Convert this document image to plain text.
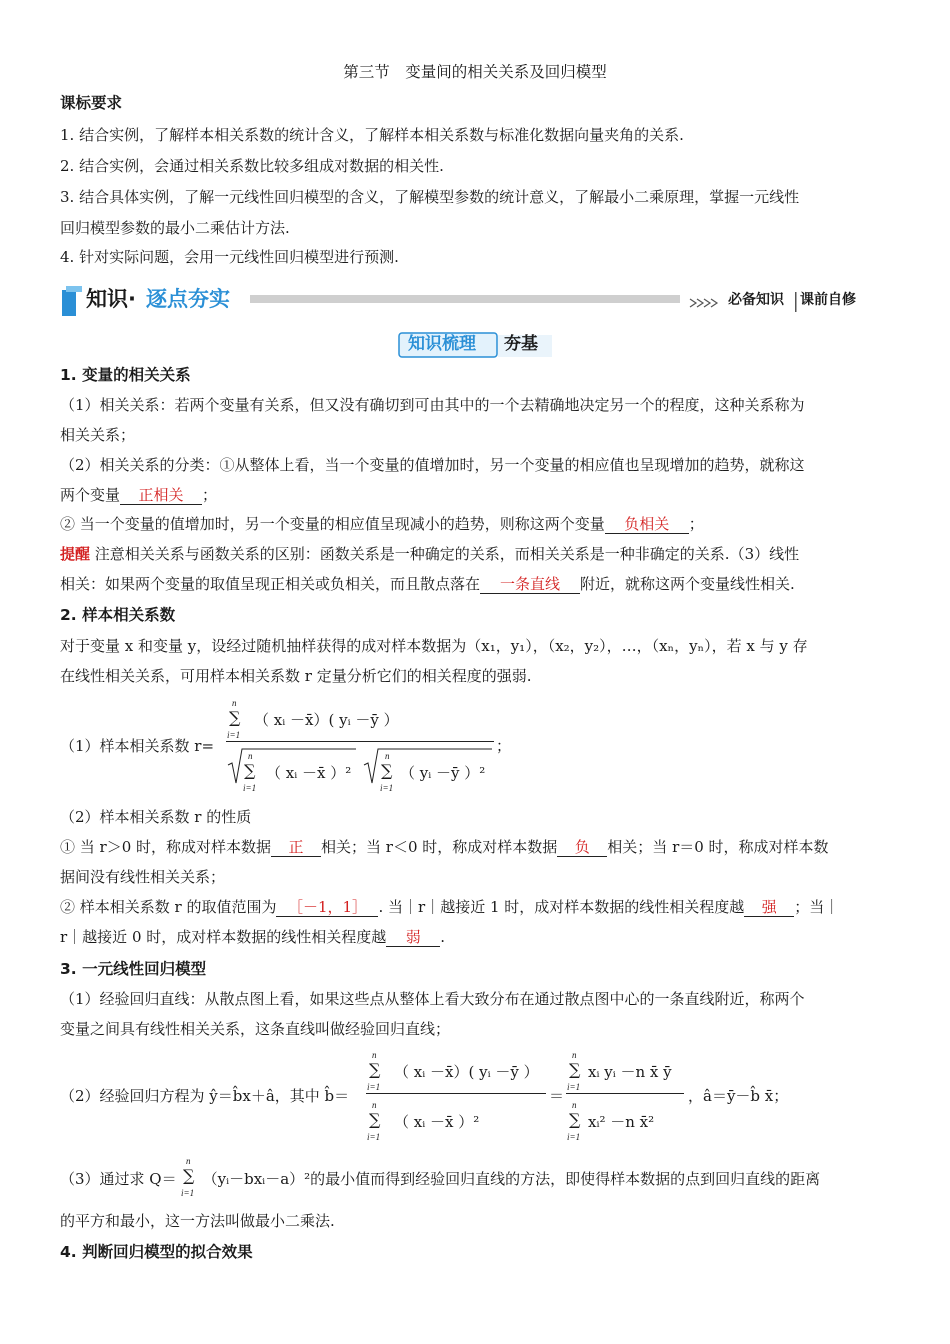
第三节　变量间的相关关系及回归模型
课标要求
1. 结合实例，了解样本相关系数的统计含义，了解样本相关系数与标准化数据向量夹角的关系.
2. 结合实例，会通过相关系数比较多组成对数据的相关性.
3. 结合具体实例，了解一元线性回归模型的含义，了解模型参数的统计意义，了解最小二乘原理，掌握一元线性
回归模型参数的最小二乘估计方法.
4. 针对实际问题，会用一元线性回归模型进行预测.
知识· 逐点夯实	必备知识 课前自修
知识梳理 夯基
1. 变量的相关关系
（1）相关关系：若两个变量有关系，但又没有确切到可由其中的一个去精确地决定另一个的程度，这种关系称为
相关关系；
（2）相关关系的分类：①从整体上看，当一个变量的值增加时，另一个变量的相应值也呈现增加的趋势，就称这
两个变量 正相关 ；
② 当一个变量的值增加时，另一个变量的相应值呈现减小的趋势，则称这两个变量 负相关 ；
提醒 注意相关关系与函数关系的区别：函数关系是一种确定的关系，而相关关系是一种非确定的关系.（3）线性
相关：如果两个变量的取值呈现正相关或负相关，而且散点落在 一条直线 附近，就称这两个变量线性相关.
2. 样本相关系数
对于变量 x 和变量 y，设经过随机抽样获得的成对样本数据为（x₁，y₁），（x₂，y₂），…，（xₙ，yₙ），若 x 与 y 存
在线性相关关系，可用样本相关系数 r 定量分析它们的相关程度的强弱.
（1）样本相关系数 r=
n
∑
i=1
（ xᵢ －x̄）( yᵢ －ȳ ）
n
∑
i=1
（ xᵢ －x̄ ）²
n
∑
i=1
（ yᵢ －ȳ ）²
；
（2）样本相关系数 r 的性质
① 当 r＞0 时，称成对样本数据 正 相关；当 r＜0 时，称成对样本数据 负 相关；当 r＝0 时，称成对样本数
据间没有线性相关关系；
② 样本相关系数 r 的取值范围为 ［－1，1］ . 当｜r｜越接近 1 时，成对样本数据的线性相关程度越 强 ；当｜
r｜越接近 0 时，成对样本数据的线性相关程度越 弱 .
3. 一元线性回归模型
（1）经验回归直线：从散点图上看，如果这些点从整体上看大致分布在通过散点图中心的一条直线附近，称两个
变量之间具有线性相关关系，这条直线叫做经验回归直线；
（2）经验回归方程为 ŷ＝b̂x＋â，其中 b̂＝
n
∑
i=1
（ xᵢ －x̄）( yᵢ －ȳ ）
n
∑
i=1
（ xᵢ －x̄ ）²
＝
n
∑
i=1
xᵢ yᵢ －n x̄ ȳ
n
∑
i=1
xᵢ² －n x̄²
，â＝ȳ－b̂ x̄；
（3）通过求 Q＝ （yᵢ－bxᵢ－a）²的最小值而得到经验回归直线的方法，即使得样本数据的点到回归直线的距离
n
∑
i=1
的平方和最小，这一方法叫做最小二乘法.
4. 判断回归模型的拟合效果
